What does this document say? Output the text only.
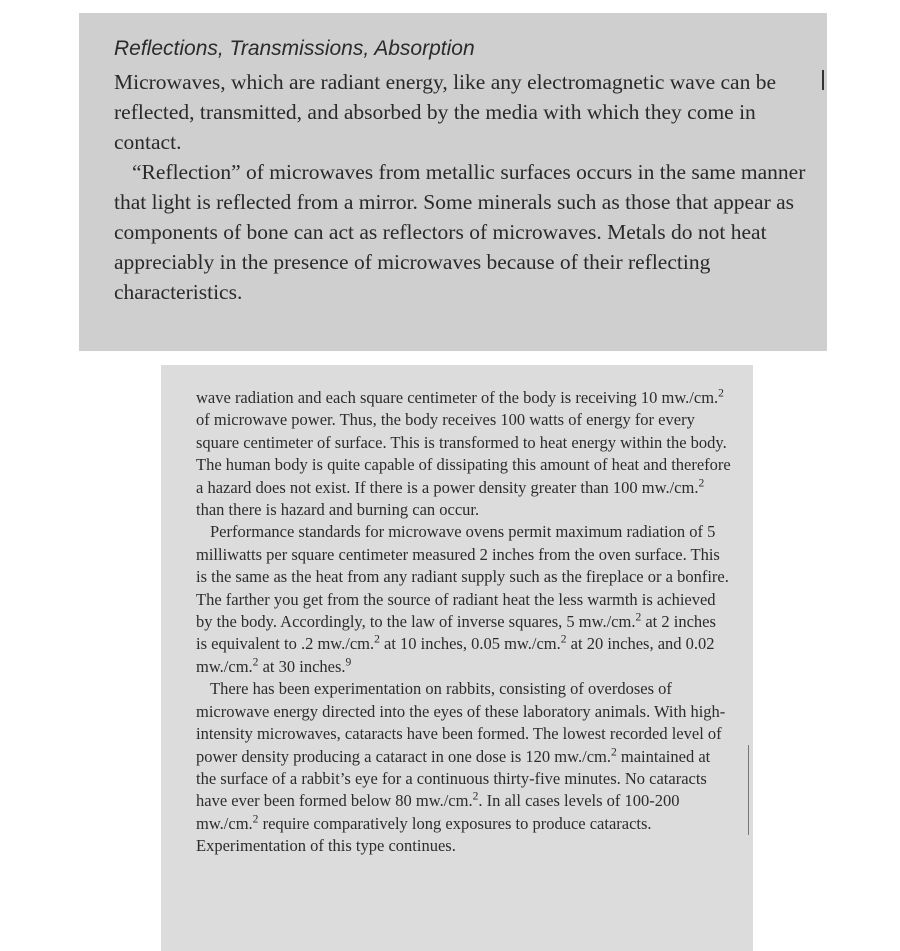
Reflections, Transmissions, Absorption

Microwaves, which are radiant energy, like any electromagnetic wave can be reflected, transmitted, and absorbed by the media with which they come in contact.

“Reflection” of microwaves from metallic surfaces occurs in the same manner that light is reflected from a mirror. Some minerals such as those that appear as components of bone can act as reflectors of microwaves. Metals do not heat appreciably in the presence of microwaves because of their reflecting characteristics.

wave radiation and each square centimeter of the body is receiving 10 mw./cm.$^2$ of microwave power. Thus, the body receives 100 watts of energy for every square centimeter of surface. This is transformed to heat energy within the body. The human body is quite capable of dissipating this amount of heat and therefore a hazard does not exist. If there is a power density greater than 100 mw./cm.$^2$ than there is hazard and burning can occur.

Performance standards for microwave ovens permit maximum radiation of 5 milliwatts per square centimeter measured 2 inches from the oven surface. This is the same as the heat from any radiant supply such as the fireplace or a bonfire. The farther you get from the source of radiant heat the less warmth is achieved by the body. Accordingly, to the law of inverse squares, 5 mw./cm.$^2$ at 2 inches is equivalent to .2 mw./cm.$^2$ at 10 inches, 0.05 mw./cm.$^2$ at 20 inches, and 0.02 mw./cm.$^2$ at 30 inches.$^9$

There has been experimentation on rabbits, consisting of overdoses of microwave energy directed into the eyes of these laboratory animals. With high-intensity microwaves, cataracts have been formed. The lowest recorded level of power density producing a cataract in one dose is 120 mw./cm.$^2$ maintained at the surface of a rabbit’s eye for a continuous thirty-five minutes. No cataracts have ever been formed below 80 mw./cm.$^2$. In all cases levels of 100-200 mw./cm.$^2$ require comparatively long exposures to produce cataracts. Experimentation of this type continues.
